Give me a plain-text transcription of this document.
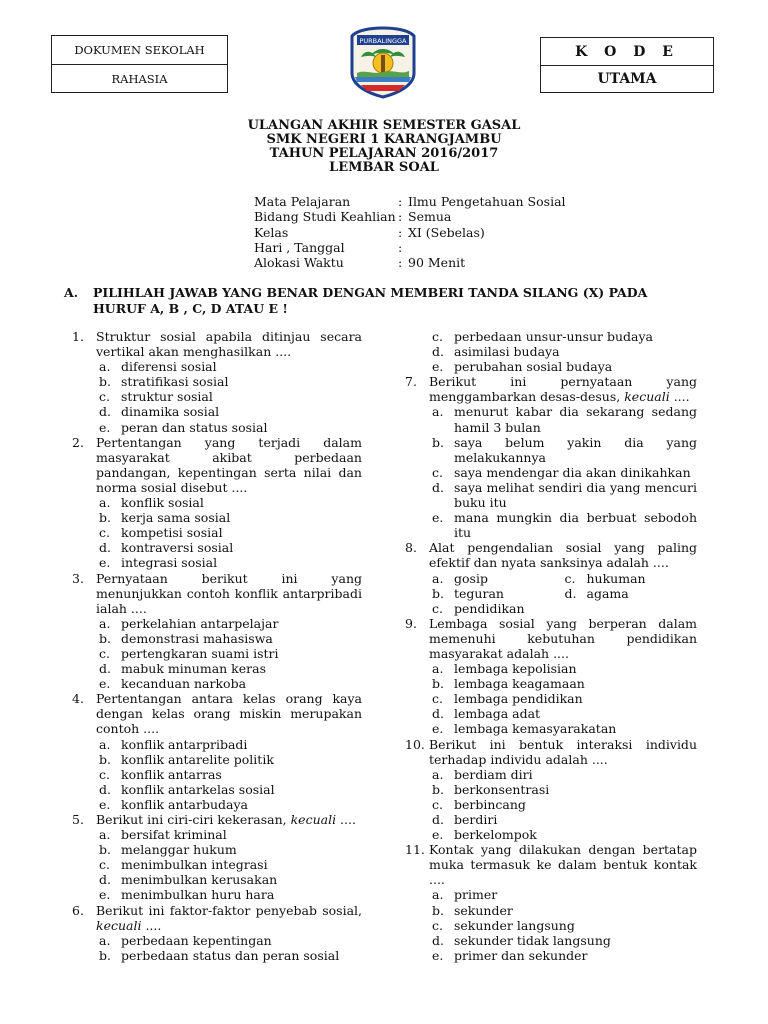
DOKUMEN SEKOLAH
RAHASIA
PURBALINGGA
K O D E
UTAMA
ULANGAN AKHIR SEMESTER GASAL
SMK NEGERI 1 KARANGJAMBU
TAHUN PELAJARAN 2016/2017
LEMBAR SOAL
Mata Pelajaran	: Ilmu Pengetahuan Sosial
Bidang Studi Keahlian : Semua
Kelas	: XI (Sebelas)
Hari , Tanggal	:
Alokasi Waktu	: 90 Menit
A.	PILIHLAH JAWAB YANG BENAR DENGAN MEMBERI TANDA SILANG (X) PADA HURUF A, B , C, D ATAU E !
1. Struktur sosial apabila ditinjau secara vertikal akan menghasilkan ....
a. diferensi sosial
b. stratifikasi sosial
c. struktur sosial
d. dinamika sosial
e. peran dan status sosial
2. Pertentangan yang terjadi dalam masyarakat akibat perbedaan pandangan, kepentingan serta nilai dan norma sosial disebut ....
a. konflik sosial
b. kerja sama sosial
c. kompetisi sosial
d. kontraversi sosial
e. integrasi sosial
3. Pernyataan berikut ini yang menunjukkan contoh konflik antarpribadi ialah ....
a. perkelahian antarpelajar
b. demonstrasi mahasiswa
c. pertengkaran suami istri
d. mabuk minuman keras
e. kecanduan narkoba
4. Pertentangan antara kelas orang kaya dengan kelas orang miskin merupakan contoh ....
a. konflik antarpribadi
b. konflik antarelite politik
c. konflik antarras
d. konflik antarkelas sosial
e. konflik antarbudaya
5. Berikut ini ciri-ciri kekerasan, kecuali ....
a. bersifat kriminal
b. melanggar hukum
c. menimbulkan integrasi
d. menimbulkan kerusakan
e. menimbulkan huru hara
6. Berikut ini faktor-faktor penyebab sosial, kecuali ....
a. perbedaan kepentingan
b. perbedaan status dan peran sosial
c. perbedaan unsur-unsur budaya
d. asimilasi budaya
e. perubahan sosial budaya
7. Berikut ini pernyataan yang menggambarkan desas-desus, kecuali ....
a. menurut kabar dia sekarang sedang hamil 3 bulan
b. saya belum yakin dia yang melakukannya
c. saya mendengar dia akan dinikahkan
d. saya melihat sendiri dia yang mencuri buku itu
e. mana mungkin dia berbuat sebodoh itu
8. Alat pengendalian sosial yang paling efektif dan nyata sanksinya adalah ....
a. gosip	c. hukuman
b. teguran	d. agama
c. pendidikan
9. Lembaga sosial yang berperan dalam memenuhi kebutuhan pendidikan masyarakat adalah ....
a. lembaga kepolisian
b. lembaga keagamaan
c. lembaga pendidikan
d. lembaga adat
e. lembaga kemasyarakatan
10. Berikut ini bentuk interaksi individu terhadap individu adalah ....
a. berdiam diri
b. berkonsentrasi
c. berbincang
d. berdiri
e. berkelompok
11. Kontak yang dilakukan dengan bertatap muka termasuk ke dalam bentuk kontak ....
a. primer
b. sekunder
c. sekunder langsung
d. sekunder tidak langsung
e. primer dan sekunder
